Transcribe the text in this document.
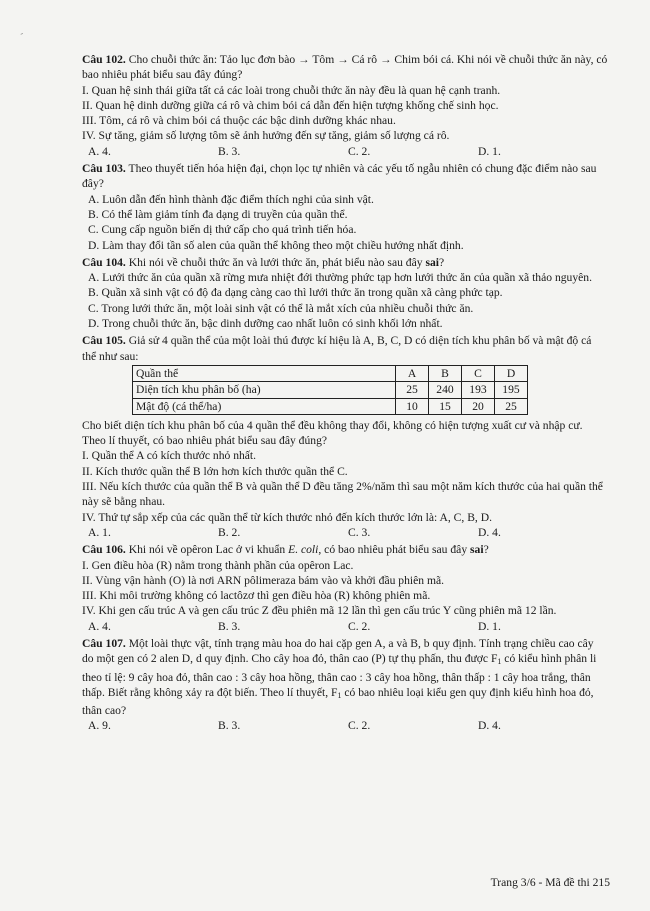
-

Câu 102. Cho chuỗi thức ăn: Tảo lục đơn bào → Tôm → Cá rô → Chim bói cá. Khi nói về chuỗi thức ăn này, có bao nhiêu phát biểu sau đây đúng?

I. Quan hệ sinh thái giữa tất cả các loài trong chuỗi thức ăn này đều là quan hệ cạnh tranh.

II. Quan hệ dinh dưỡng giữa cá rô và chim bói cá dẫn đến hiện tượng khống chế sinh học.

III. Tôm, cá rô và chim bói cá thuộc các bậc dinh dưỡng khác nhau.

IV. Sự tăng, giảm số lượng tôm sẽ ảnh hưởng đến sự tăng, giảm số lượng cá rô.

A. 4.	B. 3.	C. 2.	D. 1.

Câu 103. Theo thuyết tiến hóa hiện đại, chọn lọc tự nhiên và các yếu tố ngẫu nhiên có chung đặc điểm nào sau đây?

A. Luôn dẫn đến hình thành đặc điểm thích nghi của sinh vật.

B. Có thể làm giảm tính đa dạng di truyền của quần thể.

C. Cung cấp nguồn biến dị thứ cấp cho quá trình tiến hóa.

D. Làm thay đổi tần số alen của quần thể không theo một chiều hướng nhất định.

Câu 104. Khi nói về chuỗi thức ăn và lưới thức ăn, phát biểu nào sau đây sai?

A. Lưới thức ăn của quần xã rừng mưa nhiệt đới thường phức tạp hơn lưới thức ăn của quần xã thảo nguyên.

B. Quần xã sinh vật có độ đa dạng càng cao thì lưới thức ăn trong quần xã càng phức tạp.

C. Trong lưới thức ăn, một loài sinh vật có thể là mắt xích của nhiều chuỗi thức ăn.

D. Trong chuỗi thức ăn, bậc dinh dưỡng cao nhất luôn có sinh khối lớn nhất.

Câu 105. Giả sử 4 quần thể của một loài thú được kí hiệu là A, B, C, D có diện tích khu phân bố và mật độ cá thể như sau:

Quần thể	A	B	C	D
Diện tích khu phân bố (ha)	25	240	193	195
Mật độ (cá thể/ha)	10	15	20	25

Cho biết diện tích khu phân bố của 4 quần thể đều không thay đổi, không có hiện tượng xuất cư và nhập cư. Theo lí thuyết, có bao nhiêu phát biểu sau đây đúng?

I. Quần thể A có kích thước nhỏ nhất.

II. Kích thước quần thể B lớn hơn kích thước quần thể C.

III. Nếu kích thước của quần thể B và quần thể D đều tăng 2%/năm thì sau một năm kích thước của hai quần thể này sẽ bằng nhau.

IV. Thứ tự sắp xếp của các quần thể từ kích thước nhỏ đến kích thước lớn là: A, C, B, D.

A. 1.	B. 2.	C. 3.	D. 4.

Câu 106. Khi nói về opêron Lac ở vi khuẩn E. coli, có bao nhiêu phát biểu sau đây sai?

I. Gen điều hòa (R) nằm trong thành phần của opêron Lac.

II. Vùng vận hành (O) là nơi ARN pôlimeraza bám vào và khởi đầu phiên mã.

III. Khi môi trường không có lactôzơ thì gen điều hòa (R) không phiên mã.

IV. Khi gen cấu trúc A và gen cấu trúc Z đều phiên mã 12 lần thì gen cấu trúc Y cũng phiên mã 12 lần.

A. 4.	B. 3.	C. 2.	D. 1.

Câu 107. Một loài thực vật, tính trạng màu hoa do hai cặp gen A, a và B, b quy định. Tính trạng chiều cao cây do một gen có 2 alen D, d quy định. Cho cây hoa đỏ, thân cao (P) tự thụ phấn, thu được $F_1$ có kiểu hình phân li theo tỉ lệ: 9 cây hoa đỏ, thân cao : 3 cây hoa hồng, thân cao : 3 cây hoa hồng, thân thấp : 1 cây hoa trắng, thân thấp. Biết rằng không xảy ra đột biến. Theo lí thuyết, $F_1$ có bao nhiêu loại kiểu gen quy định kiểu hình hoa đỏ, thân cao?

A. 9.	B. 3.	C. 2.	D. 4.
Trang 3/6 - Mã đề thi 215
